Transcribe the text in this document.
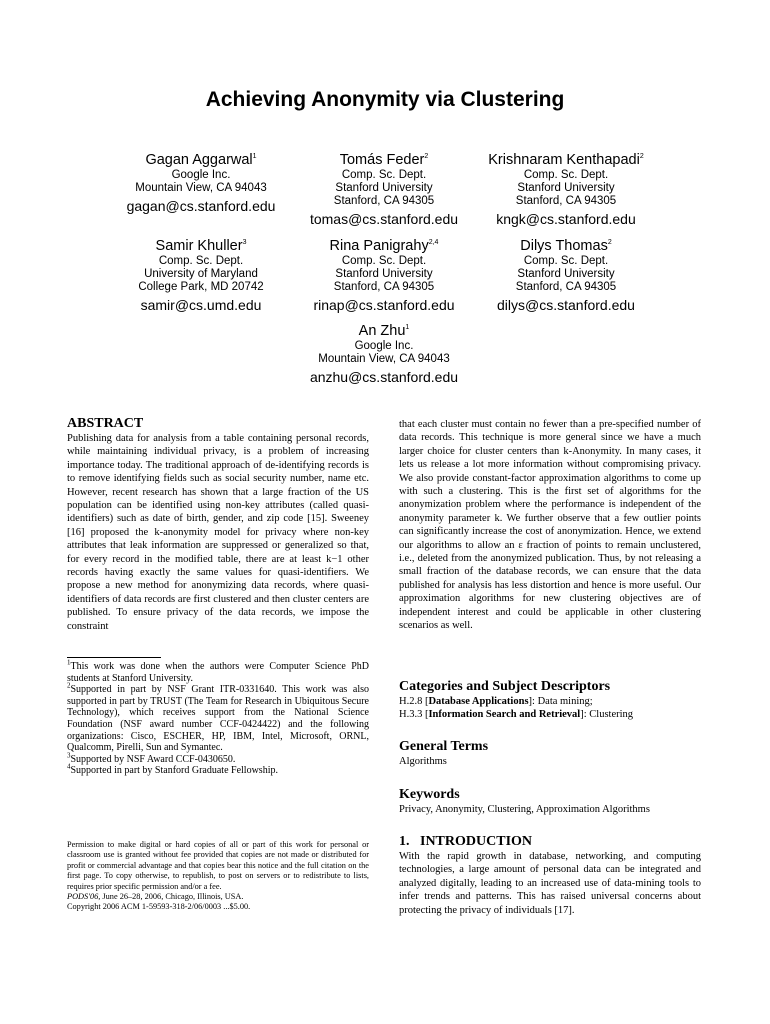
Achieving Anonymity via Clustering
Gagan Aggarwal$^1$
Google Inc.
Mountain View, CA 94043
gagan@cs.stanford.edu
Tomás Feder$^2$
Comp. Sc. Dept.
Stanford University
Stanford, CA 94305
tomas@cs.stanford.edu
Krishnaram Kenthapadi$^2$
Comp. Sc. Dept.
Stanford University
Stanford, CA 94305
kngk@cs.stanford.edu
Samir Khuller$^3$
Comp. Sc. Dept.
University of Maryland
College Park, MD 20742
samir@cs.umd.edu
Rina Panigrahy$^{2,4}$
Comp. Sc. Dept.
Stanford University
Stanford, CA 94305
rinap@cs.stanford.edu
Dilys Thomas$^2$
Comp. Sc. Dept.
Stanford University
Stanford, CA 94305
dilys@cs.stanford.edu
An Zhu$^1$
Google Inc.
Mountain View, CA 94043
anzhu@cs.stanford.edu
ABSTRACT

Publishing data for analysis from a table containing personal records, while maintaining individual privacy, is a problem of increasing importance today. The traditional approach of de-identifying records is to remove identifying fields such as social security number, name etc. However, recent research has shown that a large fraction of the US population can be identified using non-key attributes (called quasi-identifiers) such as date of birth, gender, and zip code [15]. Sweeney [16] proposed the k-anonymity model for privacy where non-key attributes that leak information are suppressed or generalized so that, for every record in the modified table, there are at least k−1 other records having exactly the same values for quasi-identifiers. We propose a new method for anonymizing data records, where quasi-identifiers of data records are first clustered and then cluster centers are published. To ensure privacy of the data records, we impose the constraint

$^1$This work was done when the authors were Computer Science PhD students at Stanford University.

$^2$Supported in part by NSF Grant ITR-0331640. This work was also supported in part by TRUST (The Team for Research in Ubiquitous Secure Technology), which receives support from the National Science Foundation (NSF award number CCF-0424422) and the following organizations: Cisco, ESCHER, HP, IBM, Intel, Microsoft, ORNL, Qualcomm, Pirelli, Sun and Symantec.

$^3$Supported by NSF Award CCF-0430650.

$^4$Supported in part by Stanford Graduate Fellowship.

Permission to make digital or hard copies of all or part of this work for personal or classroom use is granted without fee provided that copies are not made or distributed for profit or commercial advantage and that copies bear this notice and the full citation on the first page. To copy otherwise, to republish, to post on servers or to redistribute to lists, requires prior specific permission and/or a fee.

PODS'06, June 26–28, 2006, Chicago, Illinois, USA.

Copyright 2006 ACM 1-59593-318-2/06/0003 ...$5.00.

that each cluster must contain no fewer than a pre-specified number of data records. This technique is more general since we have a much larger choice for cluster centers than k-Anonymity. In many cases, it lets us release a lot more information without compromising privacy. We also provide constant-factor approximation algorithms to come up with such a clustering. This is the first set of algorithms for the anonymization problem where the performance is independent of the anonymity parameter k. We further observe that a few outlier points can significantly increase the cost of anonymization. Hence, we extend our algorithms to allow an ε fraction of points to remain unclustered, i.e., deleted from the anonymized publication. Thus, by not releasing a small fraction of the database records, we can ensure that the data published for analysis has less distortion and hence is more useful. Our approximation algorithms for new clustering objectives are of independent interest and could be applicable in other clustering scenarios as well.

Categories and Subject Descriptors
H.2.8 [Database Applications]: Data mining;
H.3.3 [Information Search and Retrieval]: Clustering
General Terms
Algorithms
Keywords
Privacy, Anonymity, Clustering, Approximation Algorithms
1.   INTRODUCTION

With the rapid growth in database, networking, and computing technologies, a large amount of personal data can be integrated and analyzed digitally, leading to an increased use of data-mining tools to infer trends and patterns. This has raised universal concerns about protecting the privacy of individuals [17].
